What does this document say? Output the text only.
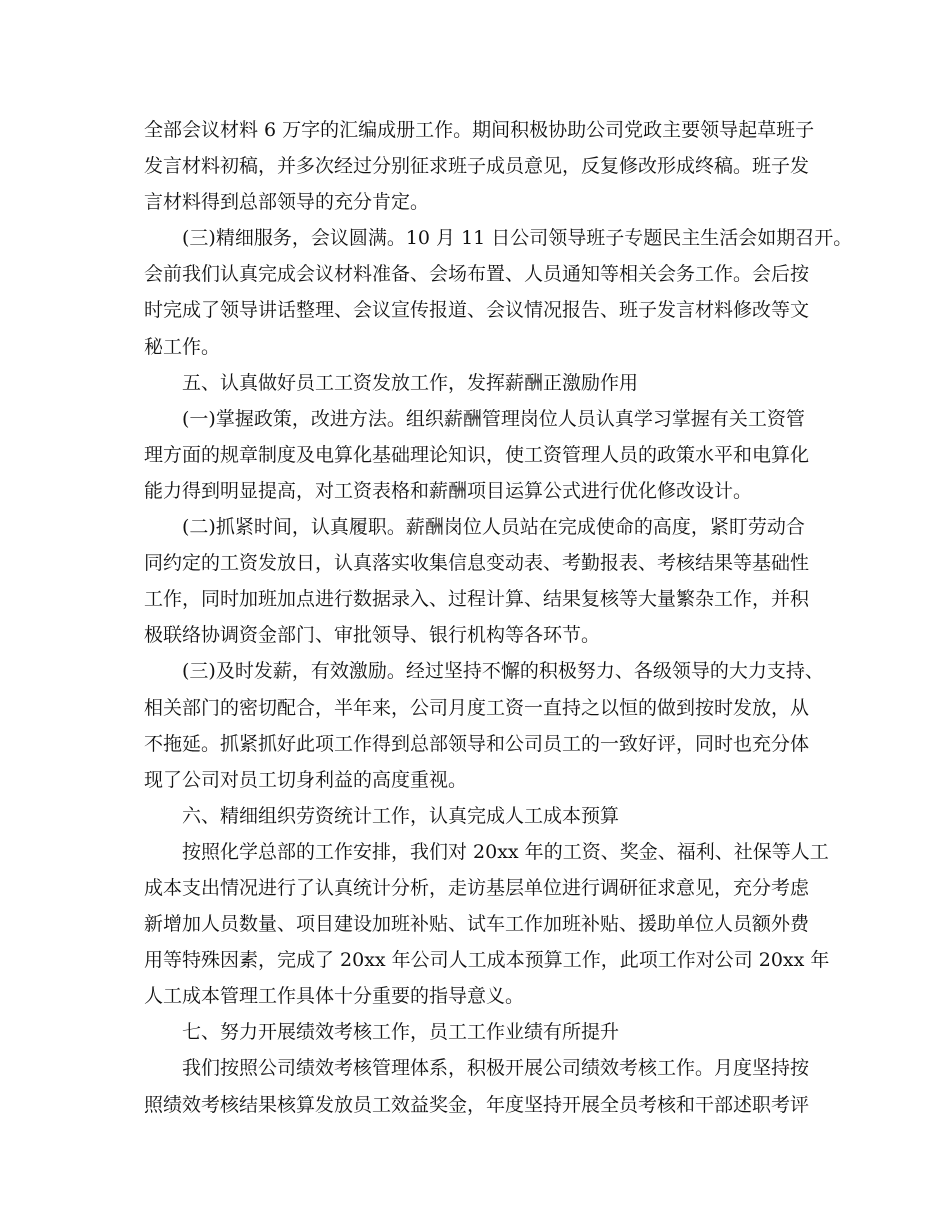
全部会议材料 6 万字的汇编成册工作。期间积极协助公司党政主要领导起草班子
发言材料初稿，并多次经过分别征求班子成员意见，反复修改形成终稿。班子发
言材料得到总部领导的充分肯定。
(三)精细服务，会议圆满。10 月 11 日公司领导班子专题民主生活会如期召开。
会前我们认真完成会议材料准备、会场布置、人员通知等相关会务工作。会后按
时完成了领导讲话整理、会议宣传报道、会议情况报告、班子发言材料修改等文
秘工作。
五、认真做好员工工资发放工作，发挥薪酬正激励作用
(一)掌握政策，改进方法。组织薪酬管理岗位人员认真学习掌握有关工资管
理方面的规章制度及电算化基础理论知识，使工资管理人员的政策水平和电算化
能力得到明显提高，对工资表格和薪酬项目运算公式进行优化修改设计。
(二)抓紧时间，认真履职。薪酬岗位人员站在完成使命的高度，紧盯劳动合
同约定的工资发放日，认真落实收集信息变动表、考勤报表、考核结果等基础性
工作，同时加班加点进行数据录入、过程计算、结果复核等大量繁杂工作，并积
极联络协调资金部门、审批领导、银行机构等各环节。
(三)及时发薪，有效激励。经过坚持不懈的积极努力、各级领导的大力支持、
相关部门的密切配合，半年来，公司月度工资一直持之以恒的做到按时发放，从
不拖延。抓紧抓好此项工作得到总部领导和公司员工的一致好评，同时也充分体
现了公司对员工切身利益的高度重视。
六、精细组织劳资统计工作，认真完成人工成本预算
按照化学总部的工作安排，我们对 20xx 年的工资、奖金、福利、社保等人工
成本支出情况进行了认真统计分析，走访基层单位进行调研征求意见，充分考虑
新增加人员数量、项目建设加班补贴、试车工作加班补贴、援助单位人员额外费
用等特殊因素，完成了 20xx 年公司人工成本预算工作，此项工作对公司 20xx 年
人工成本管理工作具体十分重要的指导意义。
七、努力开展绩效考核工作，员工工作业绩有所提升
我们按照公司绩效考核管理体系，积极开展公司绩效考核工作。月度坚持按
照绩效考核结果核算发放员工效益奖金，年度坚持开展全员考核和干部述职考评
